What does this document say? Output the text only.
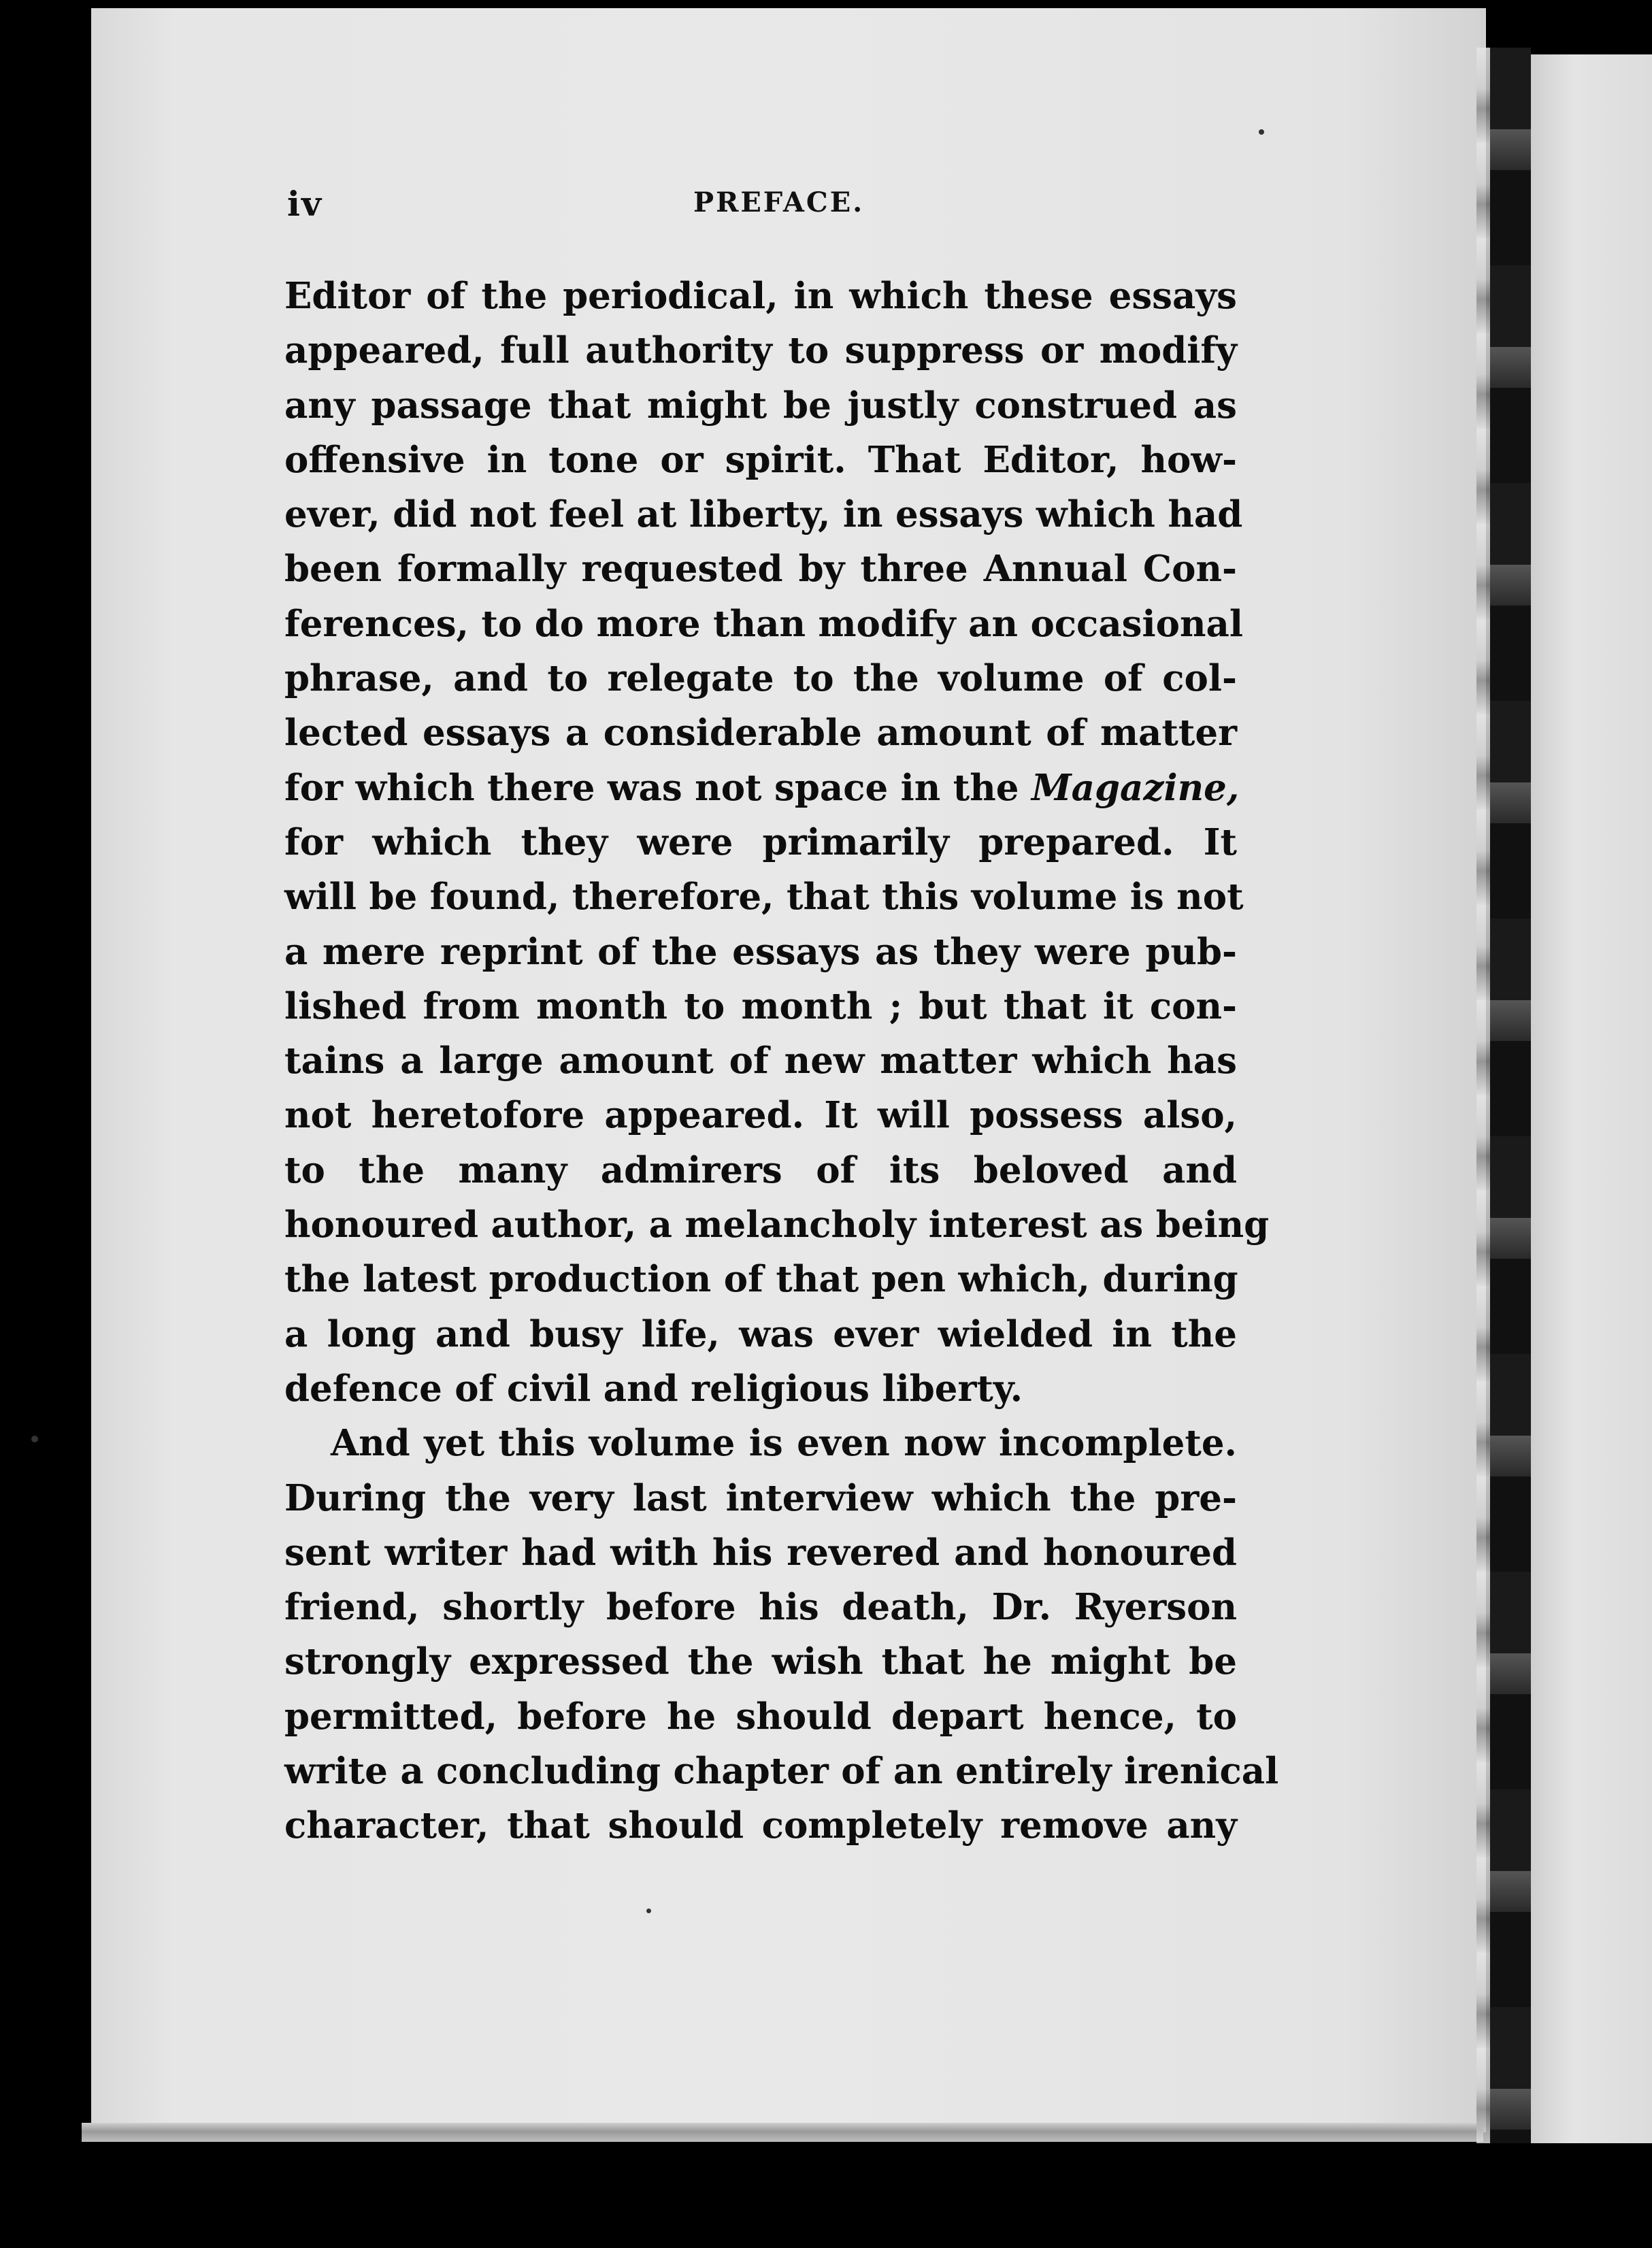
iv	PREFACE.
Editor of the periodical, in which these essays
appeared, full authority to suppress or modify
any passage that might be justly construed as
offensive in tone or spirit. That Editor, how-
ever, did not feel at liberty, in essays which had
been formally requested by three Annual Con-
ferences, to do more than modify an occasional
phrase, and to relegate to the volume of col-
lected essays a considerable amount of matter
for which there was not space in the Magazine,
for which they were primarily prepared. It
will be found, therefore, that this volume is not
a mere reprint of the essays as they were pub-
lished from month to month ; but that it con-
tains a large amount of new matter which has
not heretofore appeared. It will possess also,
to the many admirers of its beloved and
honoured author, a melancholy interest as being
the latest production of that pen which, during
a long and busy life, was ever wielded in the
defence of civil and religious liberty.
And yet this volume is even now incomplete.
During the very last interview which the pre-
sent writer had with his revered and honoured
friend, shortly before his death, Dr. Ryerson
strongly expressed the wish that he might be
permitted, before he should depart hence, to
write a concluding chapter of an entirely irenical
character, that should completely remove any
